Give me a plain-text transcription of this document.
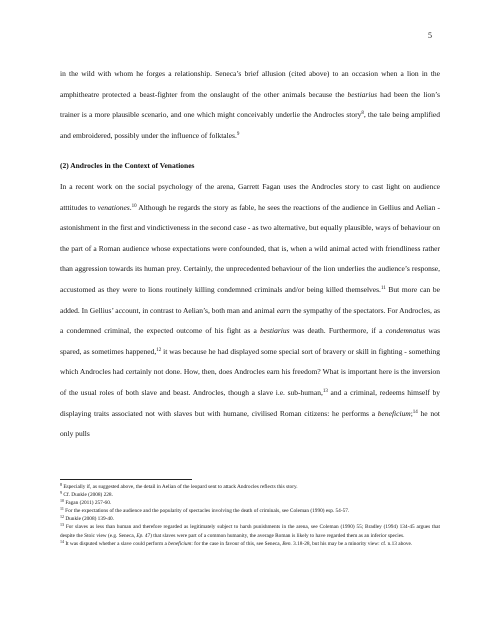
5

in the wild with whom he forges a relationship. Seneca’s brief allusion (cited above) to an occasion when a lion in the amphitheatre protected a beast-fighter from the onslaught of the other animals because the bestiarius had been the lion’s trainer is a more plausible scenario, and one which might conceivably underlie the Androcles story$^8$, the tale being amplified and embroidered, possibly under the influence of folktales.$^9$

(2) Androcles in the Context of Venationes

In a recent work on the social psychology of the arena, Garrett Fagan uses the Androcles story to cast light on audience atttitudes to venationes.$^{10}$ Although he regards the story as fable, he sees the reactions of the audience in Gellius and Aelian - astonishment in the first and vindictiveness in the second case - as two alternative, but equally plausible, ways of behaviour on the part of a Roman audience whose expectations were confounded, that is, when a wild animal acted with friendliness rather than aggression towards its human prey. Certainly, the unprecedented behaviour of the lion underlies the audience’s response, accustomed as they were to lions routinely killing condemned criminals and/or being killed themselves.$^{11}$ But more can be added. In Gellius’ account, in contrast to Aelian’s, both man and animal earn the sympathy of the spectators. For Androcles, as a condemned criminal, the expected outcome of his fight as a bestiarius was death. Furthermore, if a condemnatus was spared, as sometimes happened,$^{12}$ it was because he had displayed some special sort of bravery or skill in fighting - something which Androcles had certainly not done. How, then, does Androcles earn his freedom? What is important here is the inversion of the usual roles of both slave and beast. Androcles, though a slave i.e. sub-human,$^{13}$ and a criminal, redeems himself by displaying traits associated not with slaves but with humane, civilised Roman citizens: he performs a beneficium;$^{14}$ he not only pulls

$^8$ Especially if, as suggested above, the detail in Aelian of the leopard sent to attack Androcles reflects this story.

$^9$ Cf. Dunkle (2008) 228.

$^{10}$ Fagan (2011) 257-60.

$^{11}$ For the expectations of the audience and the popularity of spectacles involving the death of criminals, see Coleman (1990) esp. 54-57.

$^{12}$ Dunkle (2008) 139-40.

$^{13}$ For slaves as less than human and therefore regarded as legitimately subject to harsh punishments in the arena, see Coleman (1990) 55; Bradley (1994) 134-45 argues that despite the Stoic view (e.g. Seneca, Ep. 47) that slaves were part of a common humanity, the average Roman is likely to have regarded them as an inferior species.

$^{14}$ It was disputed whether a slave could perform a beneficium: for the case in favour of this, see Seneca, Ben. 3.18-28, but his may be a minority view: cf. n.13 above.
